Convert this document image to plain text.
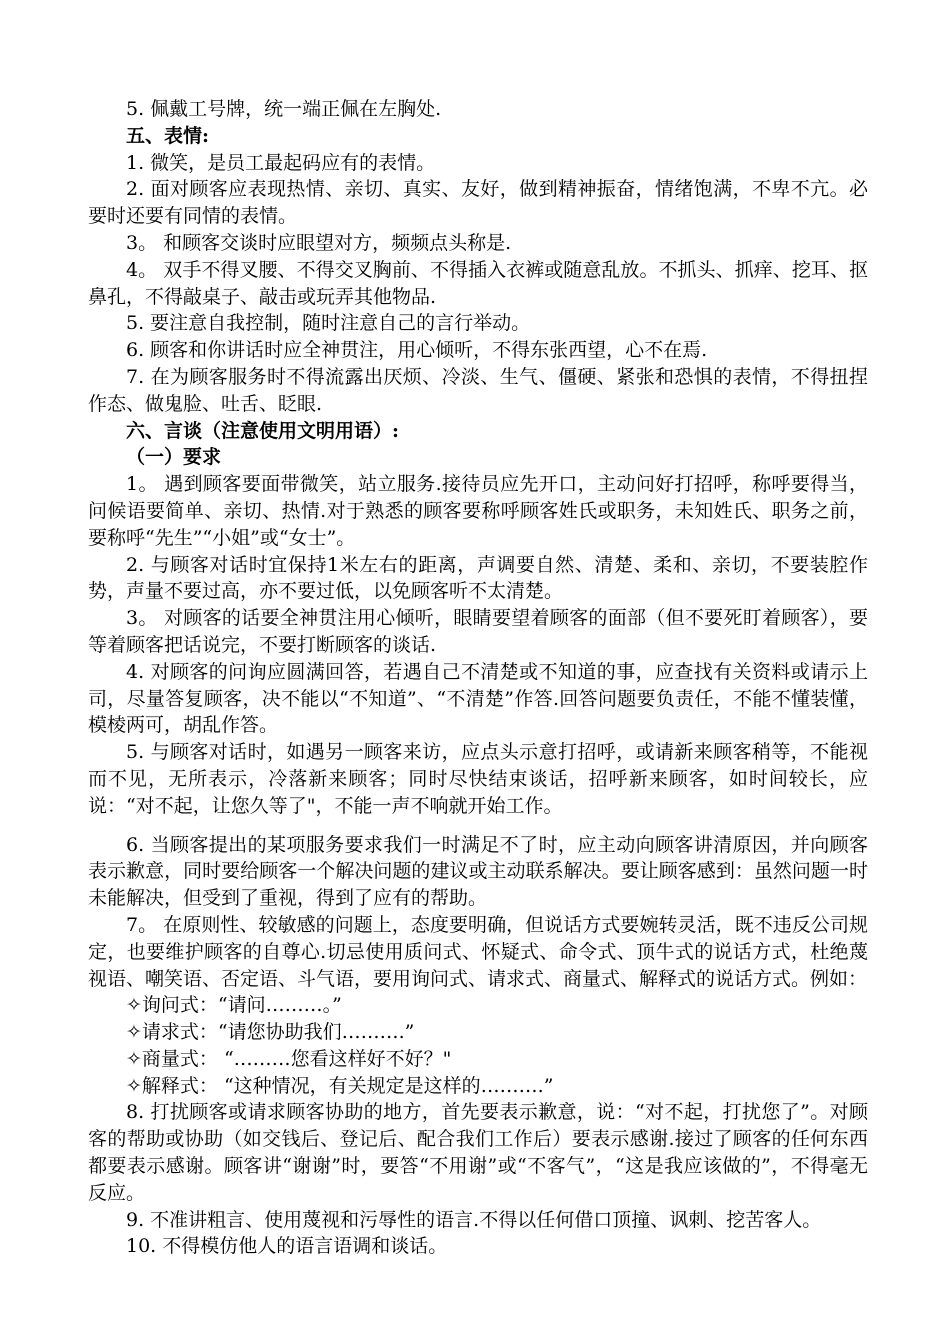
5. 佩戴工号牌，统一端正佩在左胸处.

五、表情:

1. 微笑，是员工最起码应有的表情。

2. 面对顾客应表现热情、亲切、真实、友好，做到精神振奋，情绪饱满，不卑不亢。必要时还要有同情的表情。

3。 和顾客交谈时应眼望对方，频频点头称是.

4。 双手不得叉腰、不得交叉胸前、不得插入衣裤或随意乱放。不抓头、抓痒、挖耳、抠鼻孔，不得敲桌子、敲击或玩弄其他物品.

5. 要注意自我控制，随时注意自己的言行举动。

6. 顾客和你讲话时应全神贯注，用心倾听，不得东张西望，心不在焉.

7. 在为顾客服务时不得流露出厌烦、冷淡、生气、僵硬、紧张和恐惧的表情，不得扭捏作态、做鬼脸、吐舌、眨眼.

六、言谈（注意使用文明用语）:

（一）要求

1。 遇到顾客要面带微笑，站立服务.接待员应先开口，主动问好打招呼，称呼要得当，问候语要简单、亲切、热情.对于熟悉的顾客要称呼顾客姓氏或职务，未知姓氏、职务之前，要称呼“先生”“小姐”或“女士”。

2. 与顾客对话时宜保持1米左右的距离，声调要自然、清楚、柔和、亲切，不要装腔作势，声量不要过高，亦不要过低，以免顾客听不太清楚。

3。 对顾客的话要全神贯注用心倾听，眼睛要望着顾客的面部（但不要死盯着顾客），要等着顾客把话说完，不要打断顾客的谈话.

4. 对顾客的问询应圆满回答，若遇自己不清楚或不知道的事，应查找有关资料或请示上司，尽量答复顾客，决不能以“不知道”、“不清楚”作答.回答问题要负责任，不能不懂装懂，模棱两可，胡乱作答。

5. 与顾客对话时，如遇另一顾客来访，应点头示意打招呼，或请新来顾客稍等，不能视而不见，无所表示，冷落新来顾客；同时尽快结束谈话，招呼新来顾客，如时间较长，应说：“对不起，让您久等了"，不能一声不响就开始工作。

6. 当顾客提出的某项服务要求我们一时满足不了时，应主动向顾客讲清原因，并向顾客表示歉意，同时要给顾客一个解决问题的建议或主动联系解决。要让顾客感到：虽然问题一时未能解决，但受到了重视，得到了应有的帮助。

7。 在原则性、较敏感的问题上，态度要明确，但说话方式要婉转灵活，既不违反公司规定，也要维护顾客的自尊心.切忌使用质问式、怀疑式、命令式、顶牛式的说话方式，杜绝蔑视语、嘲笑语、否定语、斗气语，要用询问式、请求式、商量式、解释式的说话方式。例如：

✧询问式：“请问………。”

✧请求式：“请您协助我们……….”

✧商量式： “………您看这样好不好？"

✧解释式： “这种情况，有关规定是这样的……….”

8. 打扰顾客或请求顾客协助的地方，首先要表示歉意，说：“对不起，打扰您了”。对顾客的帮助或协助（如交钱后、登记后、配合我们工作后）要表示感谢.接过了顾客的任何东西都要表示感谢。顾客讲“谢谢”时，要答“不用谢”或“不客气”，“这是我应该做的”，不得毫无反应。

9. 不准讲粗言、使用蔑视和污辱性的语言.不得以任何借口顶撞、讽刺、挖苦客人。

10. 不得模仿他人的语言语调和谈话。
